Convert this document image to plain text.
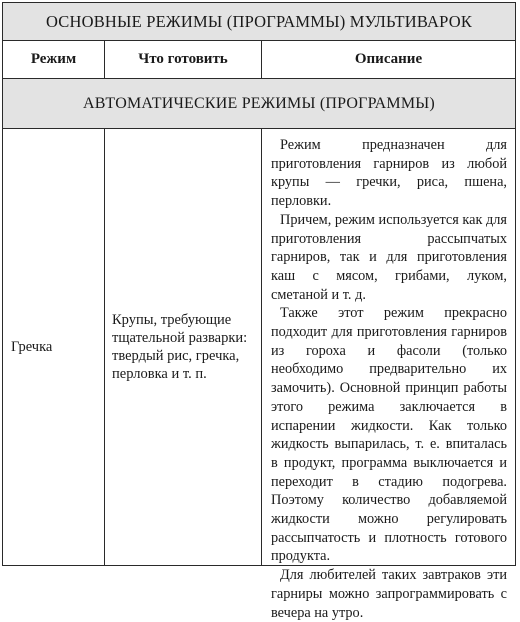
ОСНОВНЫЕ РЕЖИМЫ (ПРОГРАММЫ) МУЛЬТИВАРОК
Режим	Что готовить	Описание
АВТОМАТИЧЕСКИЕ РЕЖИМЫ (ПРОГРАММЫ)
Гречка
Крупы, требующие тщательной разварки: твердый рис, гречка, перловка и т. п.

Режим предназначен для приготовления гарниров из любой крупы — гречки, риса, пшена, перловки.

Причем, режим используется как для приготовления рассыпчатых гарниров, так и для приготовления каш с мясом, грибами, луком, сметаной и т. д.

Также этот режим прекрасно подходит для приготовления гарниров из гороха и фасоли (только необходимо предварительно их замочить). Основной принцип работы этого режима заключается в испарении жидкости. Как только жидкость выпарилась, т. е. впиталась в продукт, программа выключается и переходит в стадию подогрева. Поэтому количество добавляемой жидкости можно регулировать рассыпчатость и плотность готового продукта.

Для любителей таких завтраков эти гарниры можно запрограммировать с вечера на утро.
